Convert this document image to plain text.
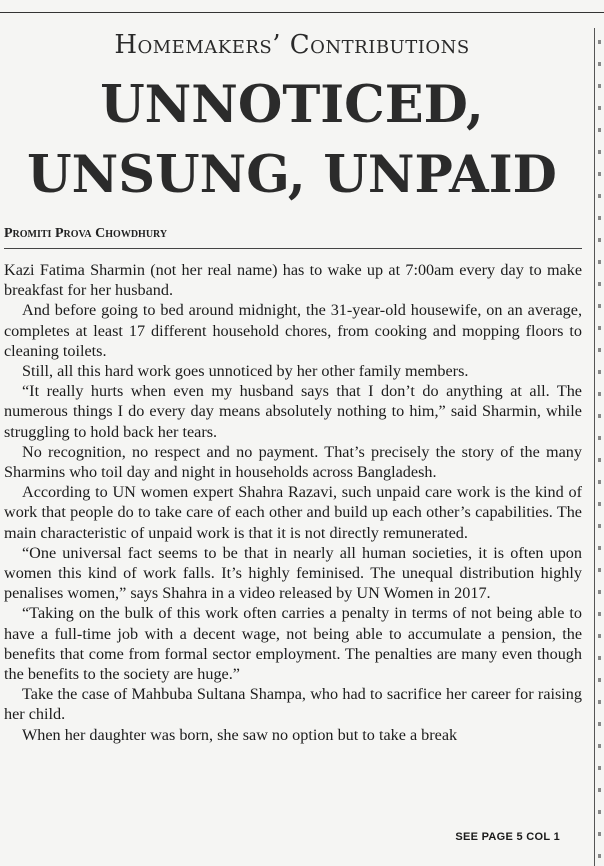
Homemakers’ Contributions
UNNOTICED,
UNSUNG, UNPAID
Promiti Prova Chowdhury

Kazi Fatima Sharmin (not her real name) has to wake up at 7:00am every day to make breakfast for her husband.

And before going to bed around midnight, the 31-year-old housewife, on an average, completes at least 17 different household chores, from cooking and mopping floors to cleaning toilets.

Still, all this hard work goes unnoticed by her other family members.

“It really hurts when even my husband says that I don’t do anything at all. The numerous things I do every day means absolutely nothing to him,” said Sharmin, while struggling to hold back her tears.

No recognition, no respect and no payment. That’s precisely the story of the many Sharmins who toil day and night in households across Bangladesh.

According to UN women expert Shahra Razavi, such unpaid care work is the kind of work that people do to take care of each other and build up each other’s capabilities. The main characteristic of unpaid work is that it is not directly remunerated.

“One universal fact seems to be that in nearly all human societies, it is often upon women this kind of work falls. It’s highly feminised. The unequal distribution highly penalises women,” says Shahra in a video released by UN Women in 2017.

“Taking on the bulk of this work often carries a penalty in terms of not being able to have a full-time job with a decent wage, not being able to accumulate a pension, the benefits that come from formal sector employment. The penalties are many even though the benefits to the society are huge.”

Take the case of Mahbuba Sultana Shampa, who had to sacrifice her career for raising her child.

When her daughter was born, she saw no option but to take a break

SEE PAGE 5 COL 1
